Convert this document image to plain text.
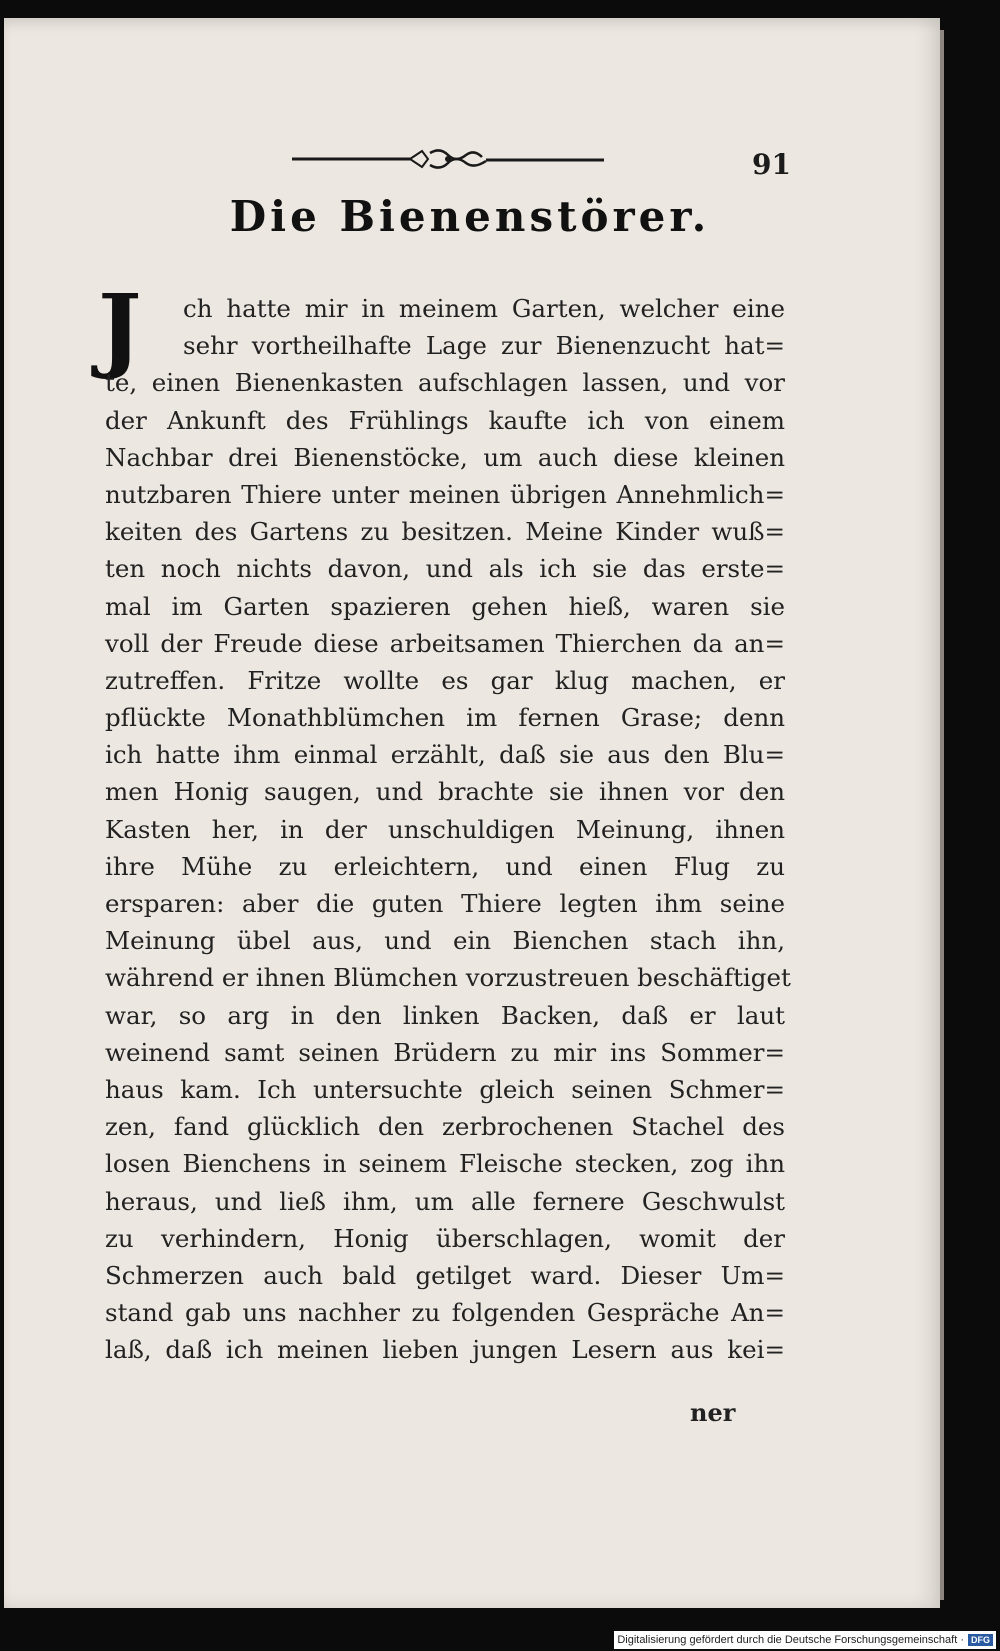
91
Die Bienenstörer.
J	ch hatte mir in meinem Garten, welcher eine
sehr vortheilhafte Lage zur Bienenzucht hat=
te, einen Bienenkasten aufschlagen lassen, und vor
der Ankunft des Frühlings kaufte ich von einem
Nachbar drei Bienenstöcke, um auch diese kleinen
nutzbaren Thiere unter meinen übrigen Annehmlich=
keiten des Gartens zu besitzen. Meine Kinder wuß=
ten noch nichts davon, und als ich sie das erste=
mal im Garten spazieren gehen hieß, waren sie
voll der Freude diese arbeitsamen Thierchen da an=
zutreffen. Fritze wollte es gar klug machen, er
pflückte Monathblümchen im fernen Grase; denn
ich hatte ihm einmal erzählt, daß sie aus den Blu=
men Honig saugen, und brachte sie ihnen vor den
Kasten her, in der unschuldigen Meinung, ihnen
ihre Mühe zu erleichtern, und einen Flug zu
ersparen: aber die guten Thiere legten ihm seine
Meinung übel aus, und ein Bienchen stach ihn,
während er ihnen Blümchen vorzustreuen beschäftiget
war, so arg in den linken Backen, daß er laut
weinend samt seinen Brüdern zu mir ins Sommer=
haus kam. Ich untersuchte gleich seinen Schmer=
zen, fand glücklich den zerbrochenen Stachel des
losen Bienchens in seinem Fleische stecken, zog ihn
heraus, und ließ ihm, um alle fernere Geschwulst
zu verhindern, Honig überschlagen, womit der
Schmerzen auch bald getilget ward. Dieser Um=
stand gab uns nachher zu folgenden Gespräche An=
laß, daß ich meinen lieben jungen Lesern aus kei=
ner
Digitalisierung gefördert durch die Deutsche Forschungsgemeinschaft · DFG
